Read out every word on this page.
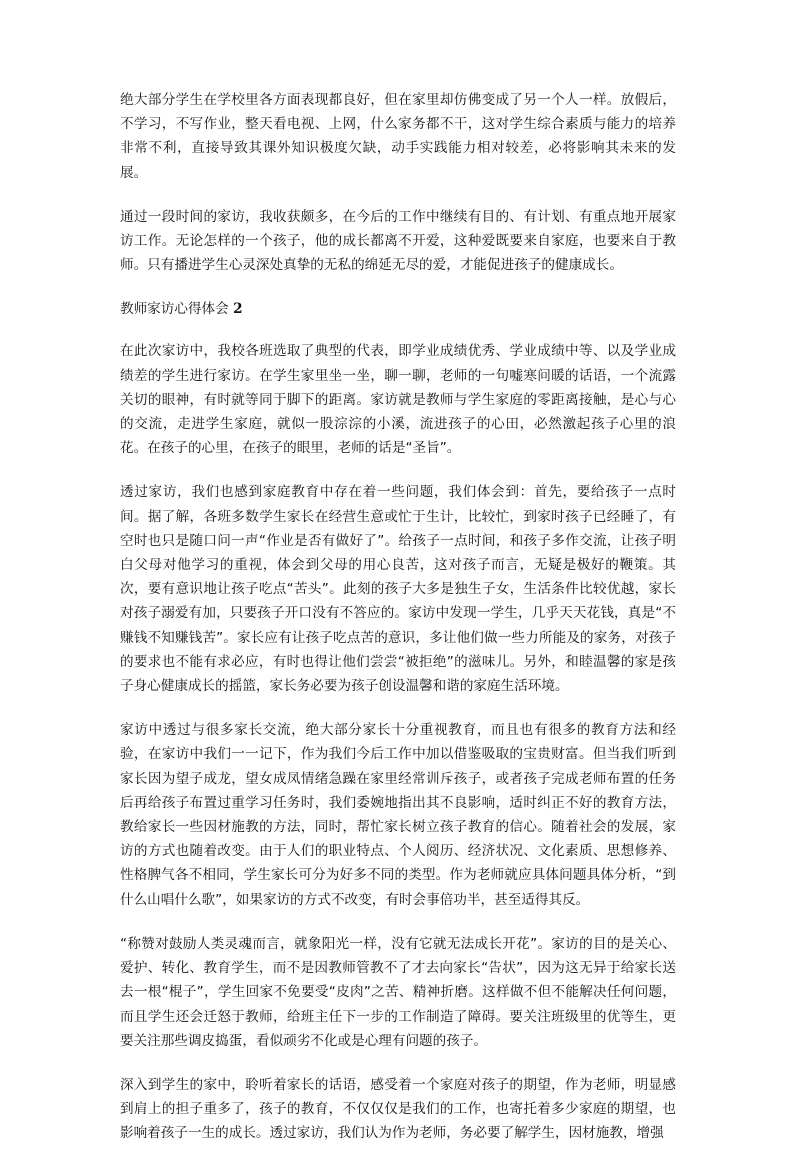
绝大部分学生在学校里各方面表现都良好，但在家里却仿佛变成了另一个人一样。放假后，不学习，不写作业，整天看电视、上网，什么家务都不干，这对学生综合素质与能力的培养非常不利，直接导致其课外知识极度欠缺，动手实践能力相对较差，必将影响其未来的发展。

通过一段时间的家访，我收获颇多，在今后的工作中继续有目的、有计划、有重点地开展家访工作。无论怎样的一个孩子，他的成长都离不开爱，这种爱既要来自家庭，也要来自于教师。只有播进学生心灵深处真挚的无私的绵延无尽的爱，才能促进孩子的健康成长。

教师家访心得体会 2

在此次家访中，我校各班选取了典型的代表，即学业成绩优秀、学业成绩中等、以及学业成绩差的学生进行家访。在学生家里坐一坐，聊一聊，老师的一句嘘寒问暖的话语，一个流露关切的眼神，有时就等同于脚下的距离。家访就是教师与学生家庭的零距离接触，是心与心的交流，走进学生家庭，就似一股淙淙的小溪，流进孩子的心田，必然激起孩子心里的浪花。在孩子的心里，在孩子的眼里，老师的话是“圣旨”。

透过家访，我们也感到家庭教育中存在着一些问题，我们体会到：首先，要给孩子一点时间。据了解，各班多数学生家长在经营生意或忙于生计，比较忙，到家时孩子已经睡了，有空时也只是随口问一声“作业是否有做好了”。给孩子一点时间，和孩子多作交流，让孩子明白父母对他学习的重视，体会到父母的用心良苦，这对孩子而言，无疑是极好的鞭策。其次，要有意识地让孩子吃点“苦头”。此刻的孩子大多是独生子女，生活条件比较优越，家长对孩子溺爱有加，只要孩子开口没有不答应的。家访中发现一学生，几乎天天花钱，真是“不赚钱不知赚钱苦”。家长应有让孩子吃点苦的意识，多让他们做一些力所能及的家务，对孩子的要求也不能有求必应，有时也得让他们尝尝“被拒绝”的滋味儿。另外，和睦温馨的家是孩子身心健康成长的摇篮，家长务必要为孩子创设温馨和谐的家庭生活环境。

家访中透过与很多家长交流，绝大部分家长十分重视教育，而且也有很多的教育方法和经验，在家访中我们一一记下，作为我们今后工作中加以借鉴吸取的宝贵财富。但当我们听到家长因为望子成龙，望女成凤情绪急躁在家里经常训斥孩子，或者孩子完成老师布置的任务后再给孩子布置过重学习任务时，我们委婉地指出其不良影响，适时纠正不好的教育方法，教给家长一些因材施教的方法，同时，帮忙家长树立孩子教育的信心。随着社会的发展，家访的方式也随着改变。由于人们的职业特点、个人阅历、经济状况、文化素质、思想修养、性格脾气各不相同，学生家长可分为好多不同的类型。作为老师就应具体问题具体分析，“到什么山唱什么歌”，如果家访的方式不改变，有时会事倍功半，甚至适得其反。

“称赞对鼓励人类灵魂而言，就象阳光一样，没有它就无法成长开花”。家访的目的是关心、爱护、转化、教育学生，而不是因教师管教不了才去向家长“告状”，因为这无异于给家长送去一根“棍子”，学生回家不免要受“皮肉”之苦、精神折磨。这样做不但不能解决任何问题，而且学生还会迁怒于教师，给班主任下一步的工作制造了障碍。要关注班级里的优等生，更要关注那些调皮捣蛋，看似顽劣不化或是心理有问题的孩子。

深入到学生的家中，聆听着家长的话语，感受着一个家庭对孩子的期望，作为老师，明显感到肩上的担子重多了，孩子的教育，不仅仅仅是我们的工作，也寄托着多少家庭的期望，也影响着孩子一生的成长。透过家访，我们认为作为老师，务必要了解学生，因材施教，增强
